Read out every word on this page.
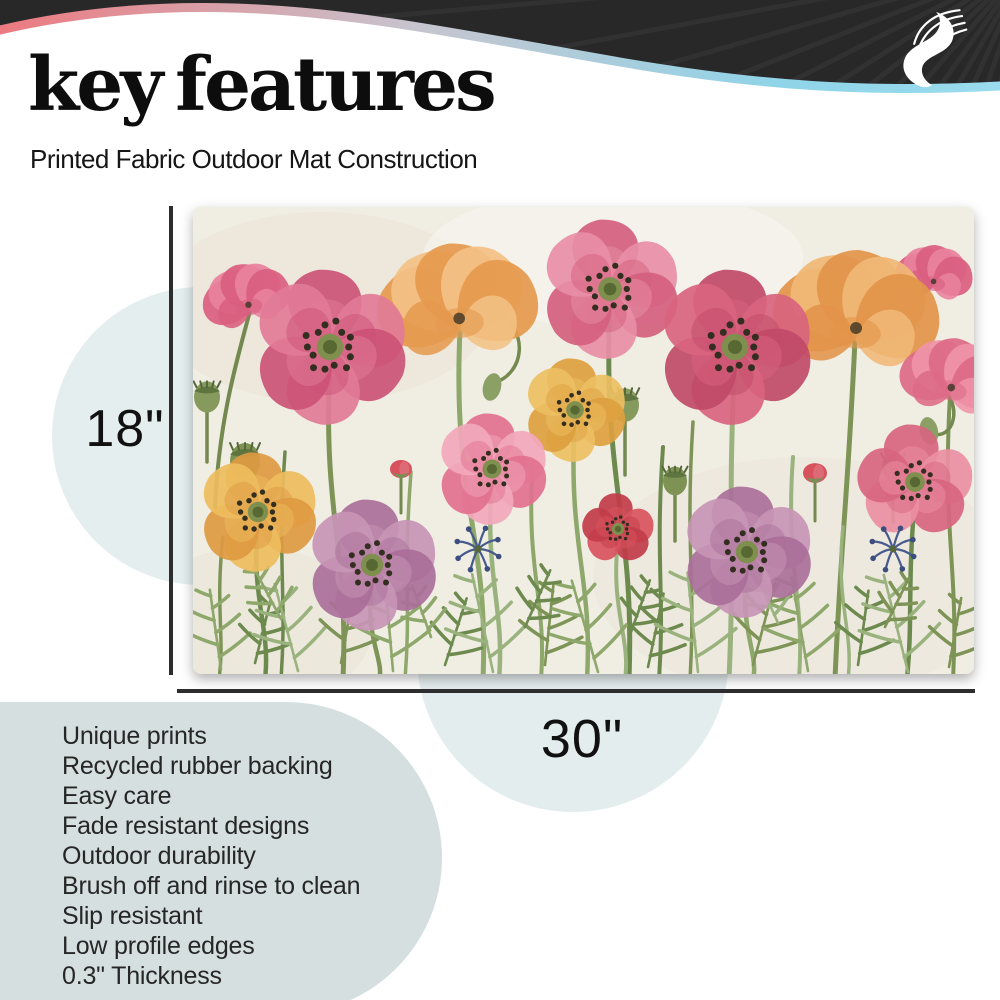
Unique prints
Recycled rubber backing
Easy care
Fade resistant designs
Outdoor durability
Brush off and rinse to clean
Slip resistant
Low profile edges
0.3" Thickness
18"
30"
key features

Printed Fabric Outdoor Mat Construction
